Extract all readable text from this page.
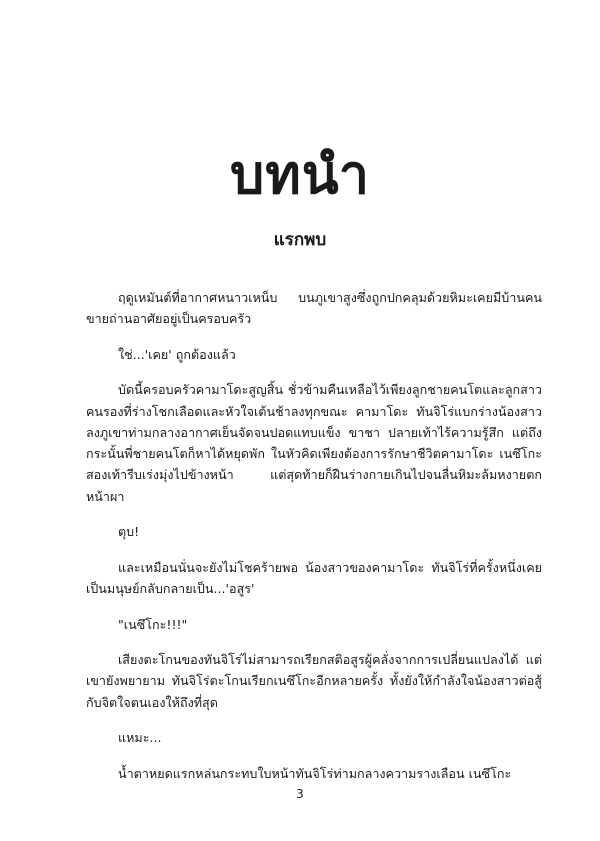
บทนำ
แรกพบ

ฤดูเหมันต์ที่อากาศหนาวเหน็บ บนภูเขาสูงซึ่งถูกปกคลุมด้วยหิมะเคยมีบ้านคนขายถ่านอาศัยอยู่เป็นครอบครัว

ใช่...'เคย' ถูกต้องแล้ว

บัดนี้ครอบครัวคามาโดะสูญสิ้น ชั่วข้ามคืนเหลือไว้เพียงลูกชายคนโตและลูกสาวคนรองที่ร่างโชกเลือดและหัวใจเต้นช้าลงทุกขณะ คามาโดะ ทันจิโร่แบกร่างน้องสาวลงภูเขาท่ามกลางอากาศเย็นจัดจนปอดแทบแข็ง ขาชา ปลายเท้าไร้ความรู้สึก แต่ถึงกระนั้นพี่ชายคนโตก็หาได้หยุดพัก ในหัวคิดเพียงต้องการรักษาชีวิตคามาโดะ เนซึโกะ สองเท้ารีบเร่งมุ่งไปข้างหน้า แต่สุดท้ายก็ฝืนร่างกายเกินไปจนลื่นหิมะล้มหงายตกหน้าผา

ตุบ!

และเหมือนนั่นจะยังไม่โชคร้ายพอ น้องสาวของคามาโดะ ทันจิโร่ที่ครั้งหนึ่งเคยเป็นมนุษย์กลับกลายเป็น...'อสูร'

"เนซึโกะ!!!"

เสียงตะโกนของทันจิโร่ไม่สามารถเรียกสติอสูรผู้คลั่งจากการเปลี่ยนแปลงได้ แต่เขายังพยายาม ทันจิโร่ตะโกนเรียกเนซึโกะอีกหลายครั้ง ทั้งยังให้กำลังใจน้องสาวต่อสู้กับจิตใจตนเองให้ถึงที่สุด

แหมะ...

น้ำตาหยดแรกหล่นกระทบใบหน้าทันจิโร่ท่ามกลางความรางเลือน เนซึโกะ

3
